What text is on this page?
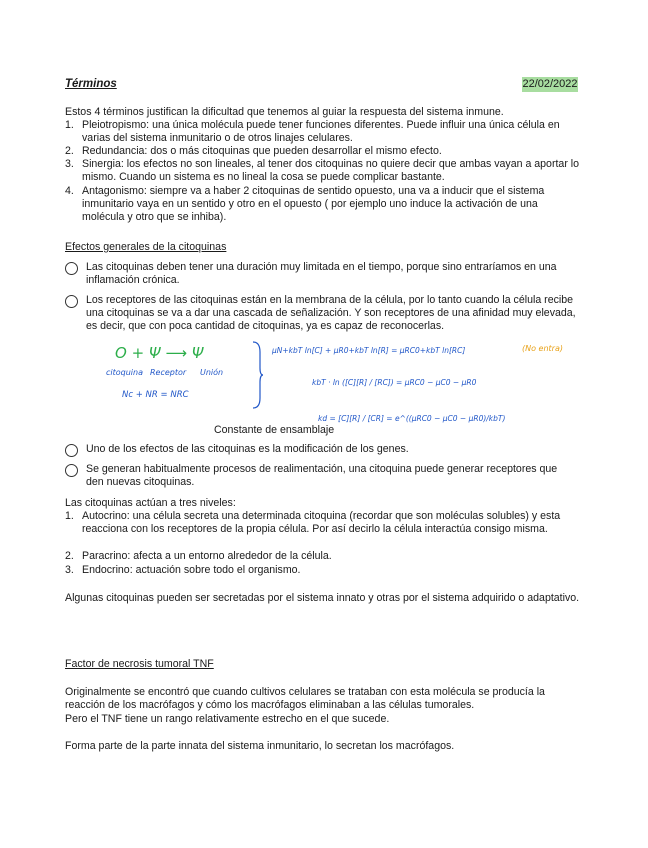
Términos	22/02/2022
Estos 4 términos justifican la dificultad que tenemos al guiar la respuesta del sistema inmune.
1. Pleiotropismo: una única molécula puede tener funciones diferentes. Puede influir una única célula en varias del sistema inmunitario o de otros linajes celulares.
2. Redundancia: dos o más citoquinas que pueden desarrollar el mismo efecto.
3. Sinergia: los efectos no son lineales, al tener dos citoquinas no quiere decir que ambas vayan a aportar lo mismo. Cuando un sistema es no lineal la cosa se puede complicar bastante.
4. Antagonismo: siempre va a haber 2 citoquinas de sentido opuesto, una va a inducir que el sistema inmunitario vaya en un sentido y otro en el opuesto ( por ejemplo uno induce la activación de una molécula y otro que se inhiba).
Efectos generales de la citoquinas
Las citoquinas deben tener una duración muy limitada en el tiempo, porque sino entraríamos en una inflamación crónica.
Los receptores de las citoquinas están en la membrana de la célula, por lo tanto cuando la célula recibe una citoquinas se va a dar una cascada de señalización. Y son receptores de una afinidad muy elevada, es decir, que con poca cantidad de citoquinas, ya es capaz de reconocerlas.
O + Ψ ⟶ Ψ
citoquina Receptor Unión
Nc + NR = NRC
μN+kbT ln[C] + μR0+kbT ln[R] = μRC0+kbT ln[RC]
kbT · ln ([C][R] / [RC]) = μRC0 − μC0 − μR0
kd = [C][R] / [CR] = e^((μRC0 − μC0 − μR0)/kbT)
(No entra)
Constante de ensamblaje
Uno de los efectos de las citoquinas es la modificación de los genes.
Se generan habitualmente procesos de realimentación, una citoquina puede generar receptores que den nuevas citoquinas.
Las citoquinas actúan a tres niveles:
1. Autocrino: una célula secreta una determinada citoquina (recordar que son moléculas solubles) y esta reacciona con los receptores de la propia célula. Por así decirlo la célula interactúa consigo misma.
2. Paracrino: afecta a un entorno alrededor de la célula.
3. Endocrino: actuación sobre todo el organismo.
Algunas citoquinas pueden ser secretadas por el sistema innato y otras por el sistema adquirido o adaptativo.
Factor de necrosis tumoral TNF
Originalmente se encontró que cuando cultivos celulares se trataban con esta molécula se producía la reacción de los macrófagos y cómo los macrófagos eliminaban a las células tumorales.
Pero el TNF tiene un rango relativamente estrecho en el que sucede.
Forma parte de la parte innata del sistema inmunitario, lo secretan los macrófagos.
